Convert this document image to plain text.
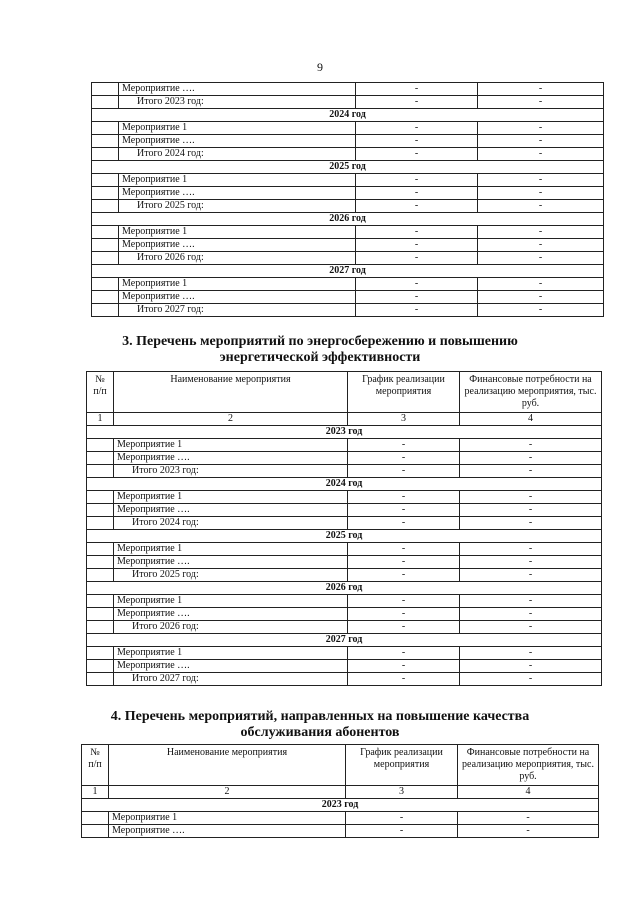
9
	Мероприятие ….	-	-
	Итого 2023 год:	-	-
2024 год			
	Мероприятие 1	-	-
	Мероприятие ….	-	-
	Итого 2024 год:	-	-
2025 год			
	Мероприятие 1	-	-
	Мероприятие ….	-	-
	Итого 2025 год:	-	-
2026 год			
	Мероприятие 1	-	-
	Мероприятие ….	-	-
	Итого 2026 год:	-	-
2027 год			
	Мероприятие 1	-	-
	Мероприятие ….	-	-
	Итого 2027 год:	-	-
3. Перечень мероприятий по энергосбережению и повышению
энергетической эффективности
№ п/п	Наименование мероприятия	График реализации мероприятия	Финансовые потребности на реализацию мероприятия, тыс. руб.
1	2	3	4
2023 год			
	Мероприятие 1	-	-
	Мероприятие ….	-	-
	Итого 2023 год:	-	-
2024 год			
	Мероприятие 1	-	-
	Мероприятие ….	-	-
	Итого 2024 год:	-	-
2025 год			
	Мероприятие 1	-	-
	Мероприятие ….	-	-
	Итого 2025 год:	-	-
2026 год			
	Мероприятие 1	-	-
	Мероприятие ….	-	-
	Итого 2026 год:	-	-
2027 год			
	Мероприятие 1	-	-
	Мероприятие ….	-	-
	Итого 2027 год:	-	-
4. Перечень мероприятий, направленных на повышение качества
обслуживания абонентов
№ п/п	Наименование мероприятия	График реализации мероприятия	Финансовые потребности на реализацию мероприятия, тыс. руб.
1	2	3	4
2023 год			
	Мероприятие 1	-	-
	Мероприятие ….	-	-
